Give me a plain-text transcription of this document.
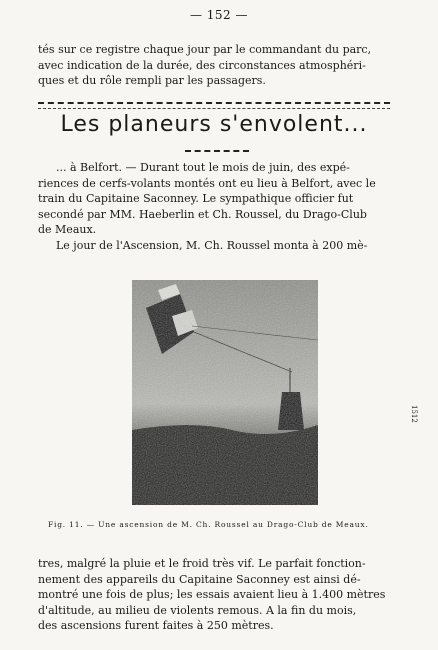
— 152 —
tés sur ce registre chaque jour par le commandant du parc,
avec indication de la durée, des circonstances atmosphéri-
ques et du rôle rempli par les passagers.
Les planeurs s'envolent...
... à Belfort. — Durant tout le mois de juin, des expé-
riences de cerfs-volants montés ont eu lieu à Belfort, avec le
train du Capitaine Saconney. Le sympathique officier fut
secondé par MM. Haeberlin et Ch. Roussel, du Drago-Club
de Meaux.
Le jour de l'Ascension, M. Ch. Roussel monta à 200 mè-
Fig. 11. — Une ascension de M. Ch. Roussel au Drago-Club de Meaux.
tres, malgré la pluie et le froid très vif. Le parfait fonction-
nement des appareils du Capitaine Saconney est ainsi dé-
montré une fois de plus; les essais avaient lieu à 1.400 mètres
d'altitude, au milieu de violents remous. A la fin du mois,
des ascensions furent faites à 250 mètres.
1512
